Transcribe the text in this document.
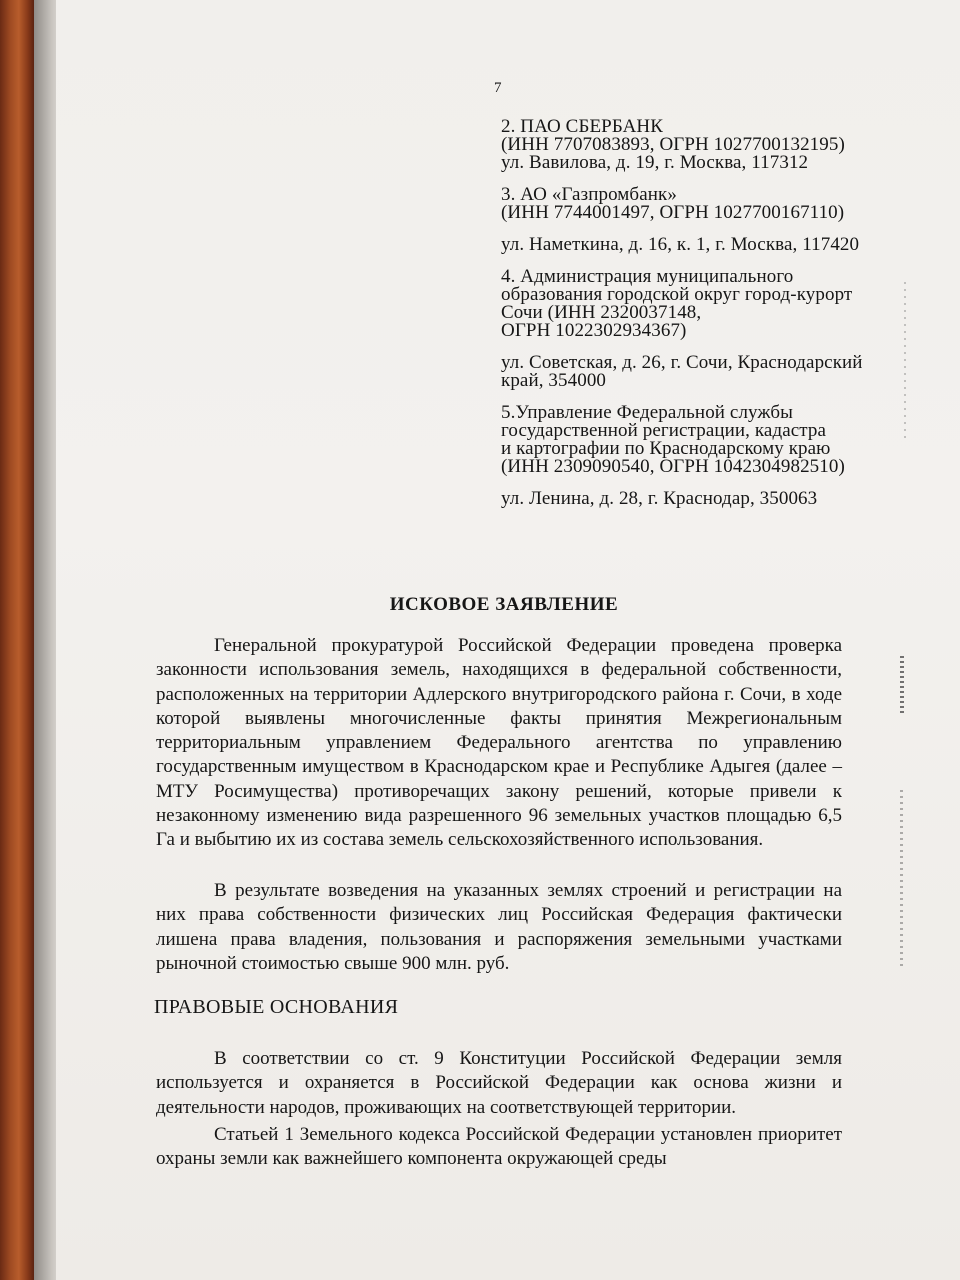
7
2. ПАО СБЕРБАНК
(ИНН 7707083893, ОГРН 1027700132195)
ул. Вавилова, д. 19, г. Москва, 117312
3. АО «Газпромбанк»
(ИНН 7744001497, ОГРН 1027700167110)
ул. Наметкина, д. 16, к. 1, г. Москва, 117420
4. Администрация муниципального
образования городской округ город-курорт
Сочи (ИНН 2320037148,
ОГРН 1022302934367)
ул. Советская, д. 26, г. Сочи, Краснодарский
край, 354000
5.Управление Федеральной службы
государственной регистрации, кадастра
и картографии по Краснодарскому краю
(ИНН 2309090540, ОГРН 1042304982510)
ул. Ленина, д. 28, г. Краснодар, 350063
ИСКОВОЕ ЗАЯВЛЕНИЕ

Генеральной прокуратурой Российской Федерации проведена проверка законности использования земель, находящихся в федеральной собственности, расположенных на территории Адлерского внутригородского района г. Сочи, в ходе которой выявлены многочисленные факты принятия Межрегиональным территориальным управлением Федерального агентства по управлению государственным имуществом в Краснодарском крае и Республике Адыгея (далее – МТУ Росимущества) противоречащих закону решений, которые привели к незаконному изменению вида разрешенного 96 земельных участков площадью 6,5 Га и выбытию их из состава земель сельскохозяйственного использования.

В результате возведения на указанных землях строений и регистрации на них права собственности физических лиц Российская Федерация фактически лишена права владения, пользования и распоряжения земельными участками рыночной стоимостью свыше 900 млн. руб.

ПРАВОВЫЕ ОСНОВАНИЯ

В соответствии со ст. 9 Конституции Российской Федерации земля используется и охраняется в Российской Федерации как основа жизни и деятельности народов, проживающих на соответствующей территории.

Статьей 1 Земельного кодекса Российской Федерации установлен приоритет охраны земли как важнейшего компонента окружающей среды
